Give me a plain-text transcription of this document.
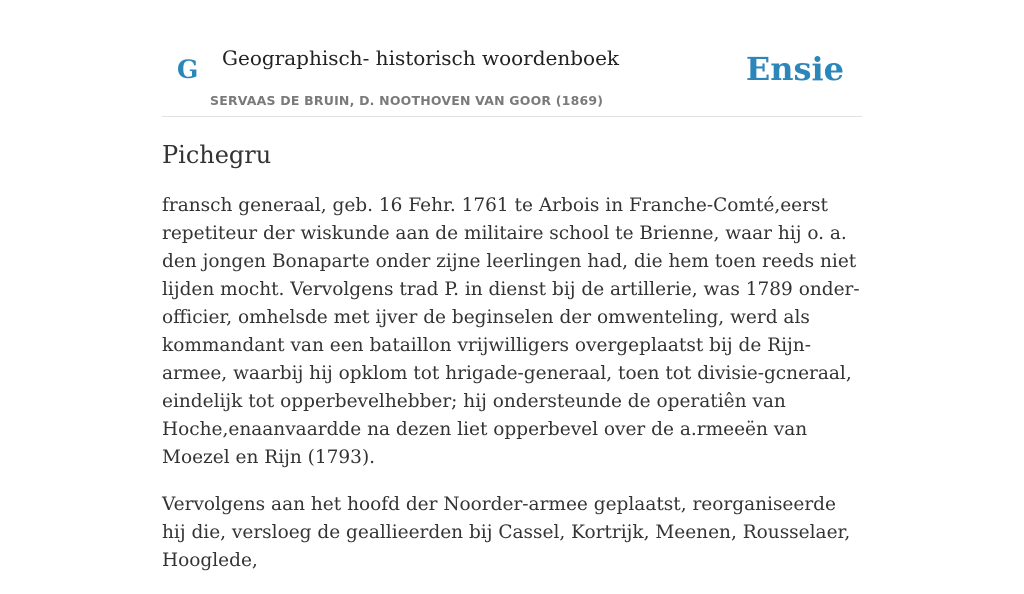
G Geographisch- historisch woordenboek
SERVAAS DE BRUIN, D. NOOTHOVEN VAN GOOR (1869)
Ensie
Pichegru

fransch generaal, geb. 16 Fehr. 1761 te Arbois in Franche-Comté,eerst repetiteur der wiskunde aan de militaire school te Brienne, waar hij o. a. den jongen Bonaparte onder zijne leerlingen had, die hem toen reeds niet lijden mocht. Vervolgens trad P. in dienst bij de artillerie, was 1789 onder-officier, omhelsde met ijver de beginselen der omwenteling, werd als kommandant van een bataillon vrijwilligers overgeplaatst bij de Rijn-armee, waarbij hij opklom tot hrigade-generaal, toen tot divisie-gcneraal, eindelijk tot opperbevelhebber; hij ondersteunde de operatiên van Hoche,enaanvaardde na dezen liet opperbevel over de a.rmeeën van Moezel en Rijn (1793).

Vervolgens aan het hoofd der Noorder-armee geplaatst, reorganiseerde hij die, versloeg de geallieerden bij Cassel, Kortrijk, Meenen, Rousselaer, Hooglede,
